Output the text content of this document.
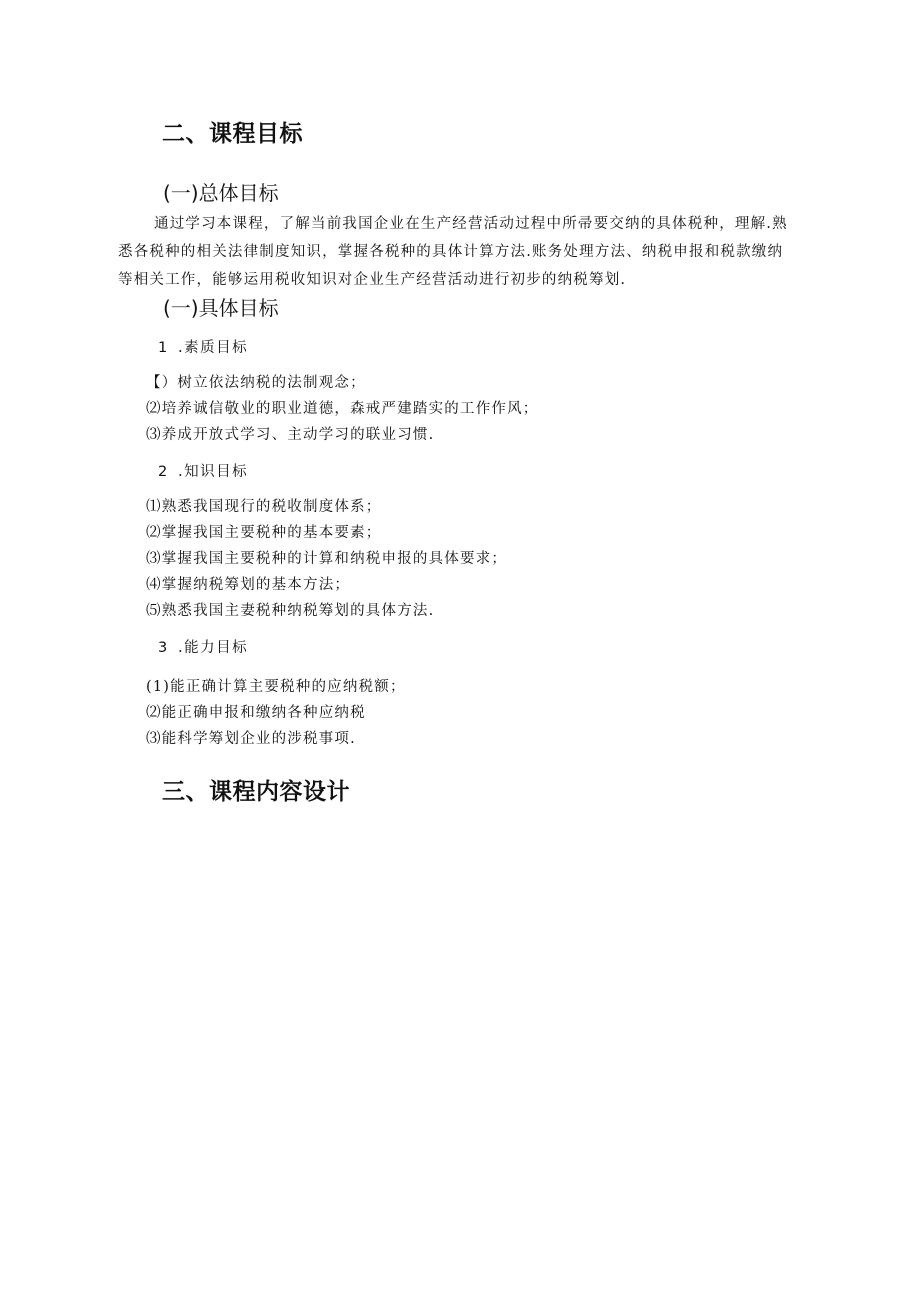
二、课程目标
(一)总体目标
通过学习本课程，了解当前我国企业在生产经营活动过程中所帚要交纳的具体税种，理解.熟
悉各税种的相关法律制度知识，掌握各税种的具体计算方法.账务处理方法、纳税申报和税款缴纳
等相关工作，能够运用税收知识对企业生产经营活动进行初步的纳税筹划.
(一)具体目标
1 .素质目标
【）树立依法纳税的法制观念；
⑵培养诚信敬业的职业道德，森戒严建踏实的工作作风；
⑶养成开放式学习、主动学习的联业习惯.
2 .知识目标
⑴熟悉我国现行的税收制度体系；
⑵掌握我国主要税种的基本要素；
⑶掌握我国主要税种的计算和纳税申报的具体要求；
⑷掌握纳税筹划的基本方法；
⑸熟悉我国主妻税种纳税筹划的具体方法.
3 .能力目标
(1)能正确计算主要税种的应纳税额；
⑵能正确申报和缴纳各种应纳税
⑶能科学筹划企业的涉税事项.
三、课程内容设计
